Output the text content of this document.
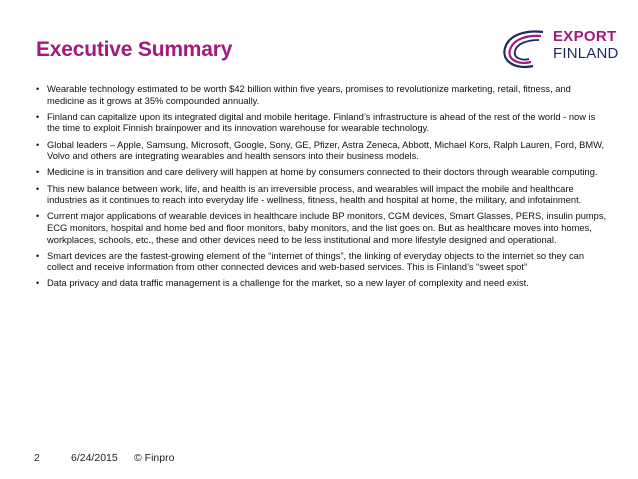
Executive Summary
EXPORT
FINLAND
• Wearable technology estimated to be worth $42 billion within five years, promises to revolutionize marketing, retail, fitness, and medicine as it grows at 35% compounded annually.
• Finland can capitalize upon its integrated digital and mobile heritage. Finland’s infrastructure is ahead of the rest of the world - now is the time to exploit Finnish brainpower and its innovation warehouse for wearable technology.
• Global leaders – Apple, Samsung, Microsoft, Google, Sony, GE, Pfizer, Astra Zeneca, Abbott, Michael Kors, Ralph Lauren, Ford, BMW, Volvo and others are integrating wearables and health sensors into their business models.
• Medicine is in transition and care delivery will happen at home by consumers connected to their doctors through wearable computing.
• This new balance between work, life, and health is an irreversible process, and wearables will impact the mobile and healthcare industries as it continues to reach into everyday life - wellness, fitness, health and hospital at home, the military, and infotainment.
• Current major applications of wearable devices in healthcare include BP monitors, CGM devices, Smart Glasses, PERS, insulin pumps, ECG monitors, hospital and home bed and floor monitors, baby monitors, and the list goes on. But as healthcare moves into homes, workplaces, schools, etc., these and other devices need to be less institutional and more lifestyle designed and operational.
• Smart devices are the fastest-growing element of the “internet of things”, the linking of everyday objects to the internet so they can collect and receive information from other connected devices and web-based services. This is Finland’s “sweet spot”
• Data privacy and data traffic management is a challenge for the market, so a new layer of complexity and need exist.
2	6/24/2015 © Finpro
